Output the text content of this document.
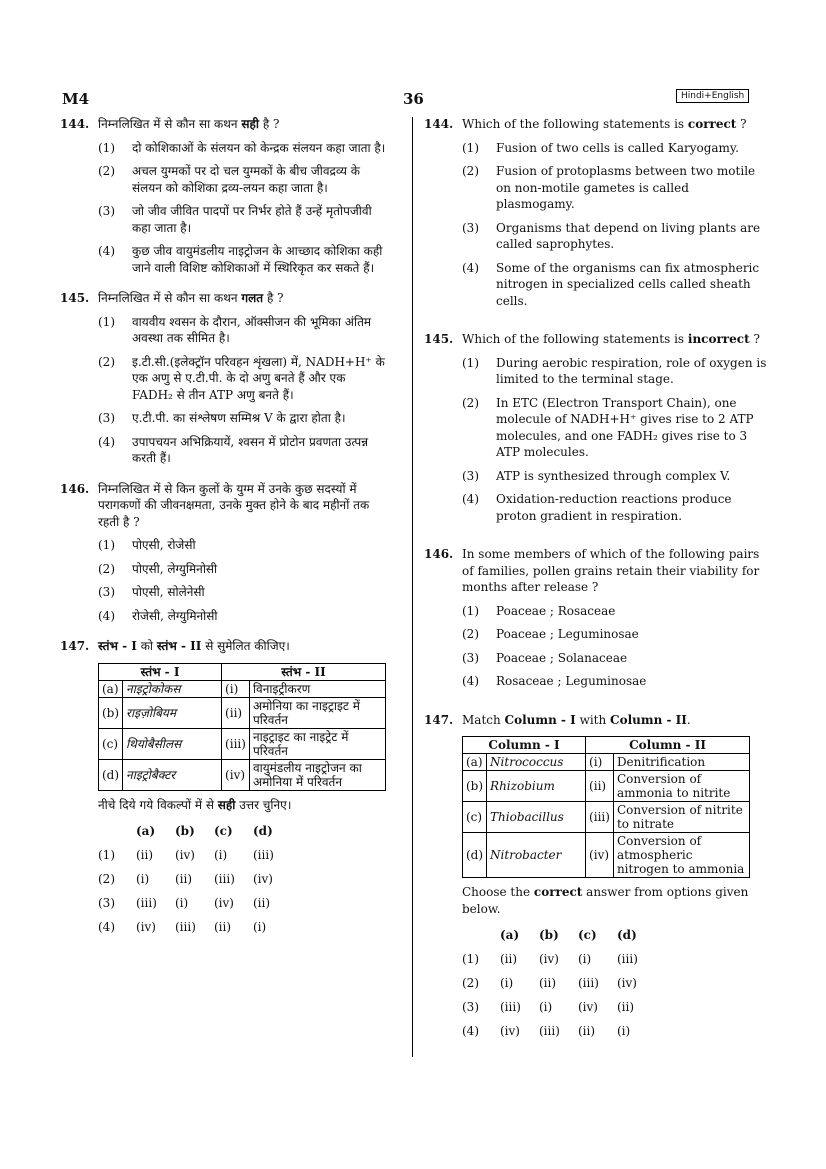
M4	36	Hindi+English
144. निम्नलिखित में से कौन सा कथन सही है ?
(1)	दो कोशिकाओं के संलयन को केन्द्रक संलयन कहा जाता है।
(2)	अचल युग्मकों पर दो चल युग्मकों के बीच जीवद्रव्य के संलयन को कोशिका द्रव्य-लयन कहा जाता है।
(3)	जो जीव जीवित पादपों पर निर्भर होते हैं उन्हें मृतोपजीवी कहा जाता है।
(4)	कुछ जीव वायुमंडलीय नाइट्रोजन के आच्छाद कोशिका कही जाने वाली विशिष्ट कोशिकाओं में स्थिरिकृत कर सकते हैं।
145. निम्नलिखित में से कौन सा कथन गलत है ?
(1)	वायवीय श्वसन के दौरान, ऑक्सीजन की भूमिका अंतिम अवस्था तक सीमित है।
(2)	इ.टी.सी.(इलेक्ट्रॉन परिवहन शृंखला) में, NADH+H⁺ के एक अणु से ए.टी.पी. के दो अणु बनते हैं और एक FADH₂ से तीन ATP अणु बनते हैं।
(3)	ए.टी.पी. का संश्लेषण सम्मिश्र V के द्वारा होता है।
(4)	उपापचयन अभिक्रियायें, श्वसन में प्रोटोन प्रवणता उत्पन्न करती हैं।
146. निम्नलिखित में से किन कुलों के युग्म में उनके कुछ सदस्यों में परागकणों की जीवनक्षमता, उनके मुक्त होने के बाद महीनों तक रहती है ?
(1)	पोएसी, रोजेसी
(2)	पोएसी, लेग्युमिनोसी
(3)	पोएसी, सोलेनेसी
(4)	रोजेसी, लेग्युमिनोसी
147. स्तंभ - I को स्तंभ - II से सुमेलित कीजिए।
स्तंभ - I		स्तंभ - II	
(a)	नाइट्रोकोकस	(i)	विनाइट्रीकरण
(b)	राइज़ोबियम	(ii)	अमोनिया का नाइट्राइट में परिवर्तन
(c)	थियोबैसीलस	(iii)	नाइट्राइट का नाइट्रेट में परिवर्तन
(d)	नाइट्रोबैक्टर	(iv)	वायुमंडलीय नाइट्रोजन का अमोनिया में परिवर्तन
नीचे दिये गये विकल्पों में से सही उत्तर चुनिए।
(a)	(b)	(c)	(d)
(1)	(ii)	(iv)	(i)	(iii)
(2)	(i)	(ii)	(iii)	(iv)
(3)	(iii)	(i)	(iv)	(ii)
(4)	(iv)	(iii)	(ii)	(i)
144. Which of the following statements is correct ?
(1)	Fusion of two cells is called Karyogamy.
(2)	Fusion of protoplasms between two motile on non-motile gametes is called plasmogamy.
(3)	Organisms that depend on living plants are called saprophytes.
(4)	Some of the organisms can fix atmospheric nitrogen in specialized cells called sheath cells.
145. Which of the following statements is incorrect ?
(1)	During aerobic respiration, role of oxygen is limited to the terminal stage.
(2)	In ETC (Electron Transport Chain), one molecule of NADH+H⁺ gives rise to 2 ATP molecules, and one FADH₂ gives rise to 3 ATP molecules.
(3)	ATP is synthesized through complex V.
(4)	Oxidation-reduction reactions produce proton gradient in respiration.
146. In some members of which of the following pairs of families, pollen grains retain their viability for months after release ?
(1)	Poaceae ; Rosaceae
(2)	Poaceae ; Leguminosae
(3)	Poaceae ; Solanaceae
(4)	Rosaceae ; Leguminosae
147. Match Column - I with Column - II.
Column - I		Column - II	
(a)	Nitrococcus	(i)	Denitrification
(b)	Rhizobium	(ii)	Conversion of ammonia to nitrite
(c)	Thiobacillus	(iii)	Conversion of nitrite to nitrate
(d)	Nitrobacter	(iv)	Conversion of atmospheric nitrogen to ammonia
Choose the correct answer from options given below.
(a)	(b)	(c)	(d)
(1)	(ii)	(iv)	(i)	(iii)
(2)	(i)	(ii)	(iii)	(iv)
(3)	(iii)	(i)	(iv)	(ii)
(4)	(iv)	(iii)	(ii)	(i)
